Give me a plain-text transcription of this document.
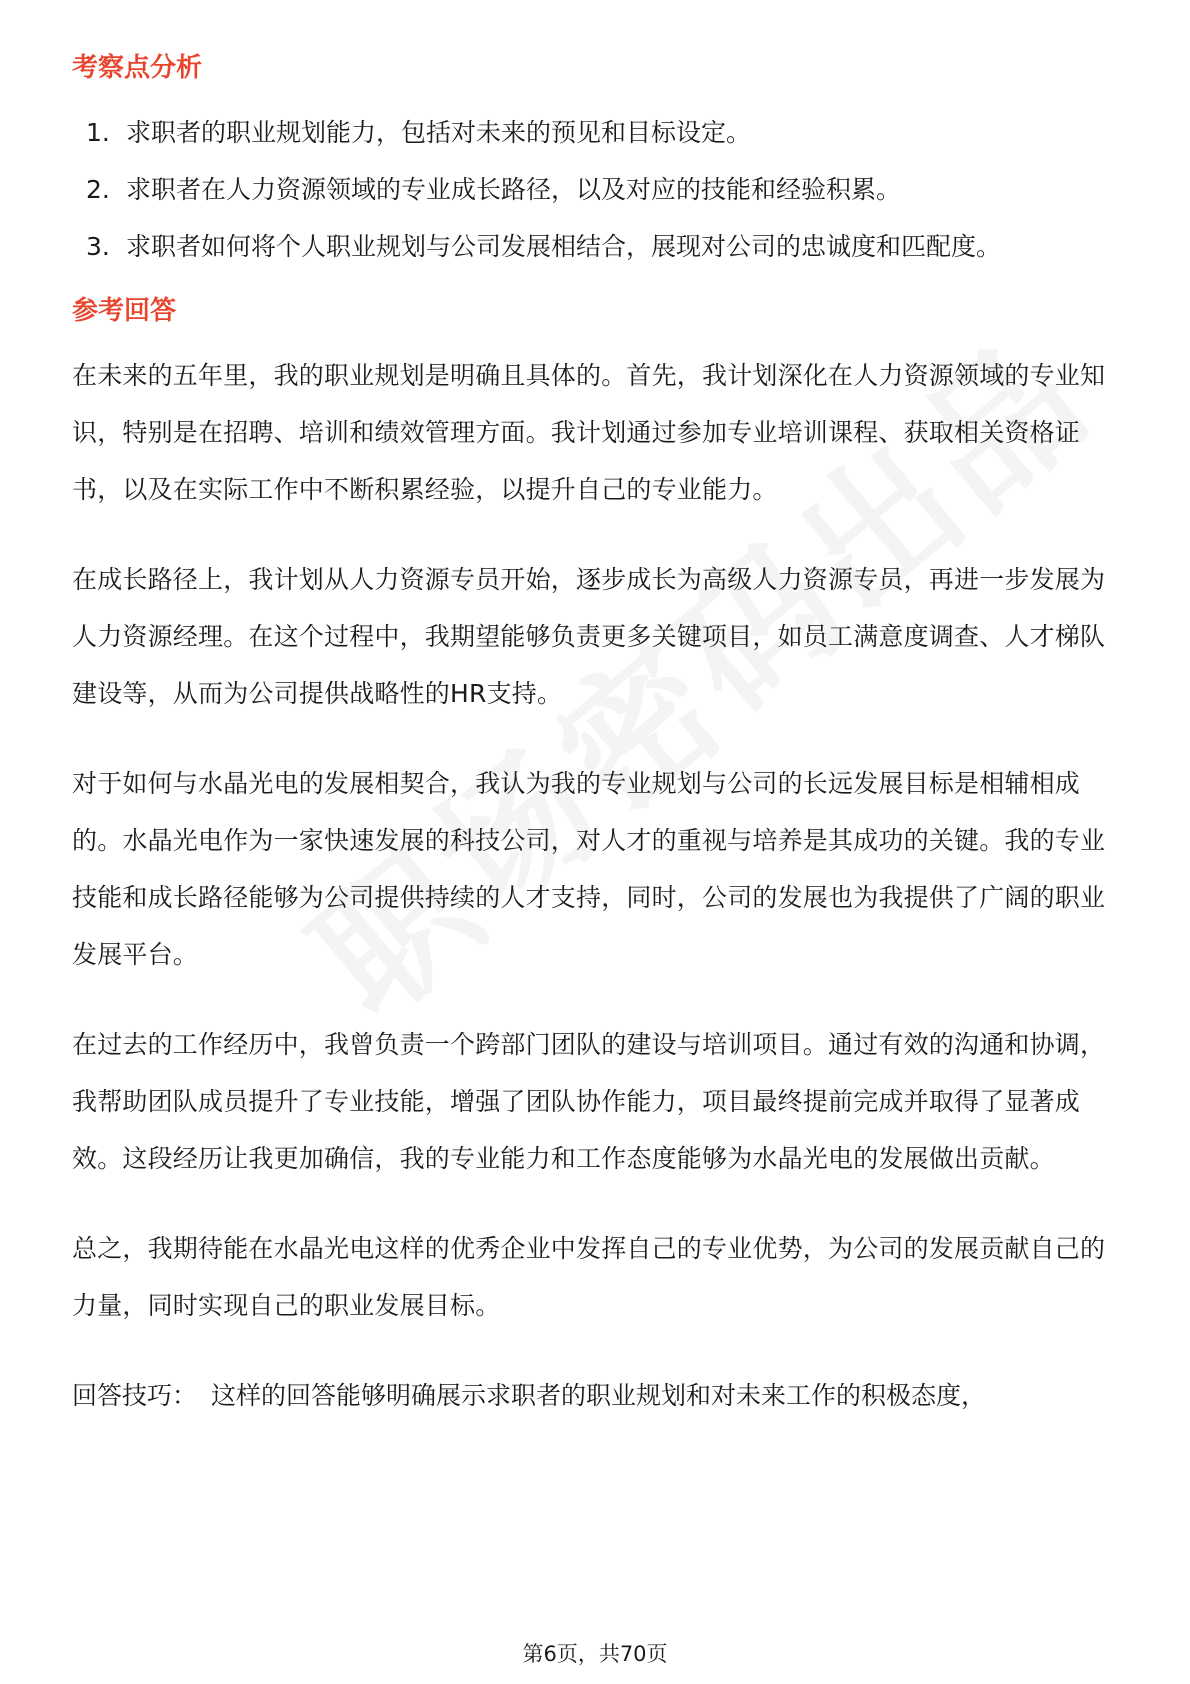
考察点分析
1. 求职者的职业规划能力，包括对未来的预见和目标设定。
2. 求职者在人力资源领域的专业成长路径，以及对应的技能和经验积累。
3. 求职者如何将个人职业规划与公司发展相结合，展现对公司的忠诚度和匹配度。
参考回答

在未来的五年里，我的职业规划是明确且具体的。首先，我计划深化在人力资源领域的专业知识，特别是在招聘、培训和绩效管理方面。我计划通过参加专业培训课程、获取相关资格证书，以及在实际工作中不断积累经验，以提升自己的专业能力。

在成长路径上，我计划从人力资源专员开始，逐步成长为高级人力资源专员，再进一步发展为人力资源经理。在这个过程中，我期望能够负责更多关键项目，如员工满意度调查、人才梯队建设等，从而为公司提供战略性的HR支持。

对于如何与水晶光电的发展相契合，我认为我的专业规划与公司的长远发展目标是相辅相成的。水晶光电作为一家快速发展的科技公司，对人才的重视与培养是其成功的关键。我的专业技能和成长路径能够为公司提供持续的人才支持，同时，公司的发展也为我提供了广阔的职业发展平台。

在过去的工作经历中，我曾负责一个跨部门团队的建设与培训项目。通过有效的沟通和协调，我帮助团队成员提升了专业技能，增强了团队协作能力，项目最终提前完成并取得了显著成效。这段经历让我更加确信，我的专业能力和工作态度能够为水晶光电的发展做出贡献。

总之，我期待能在水晶光电这样的优秀企业中发挥自己的专业优势，为公司的发展贡献自己的力量，同时实现自己的职业发展目标。

回答技巧： 这样的回答能够明确展示求职者的职业规划和对未来工作的积极态度，
第6页，共70页
